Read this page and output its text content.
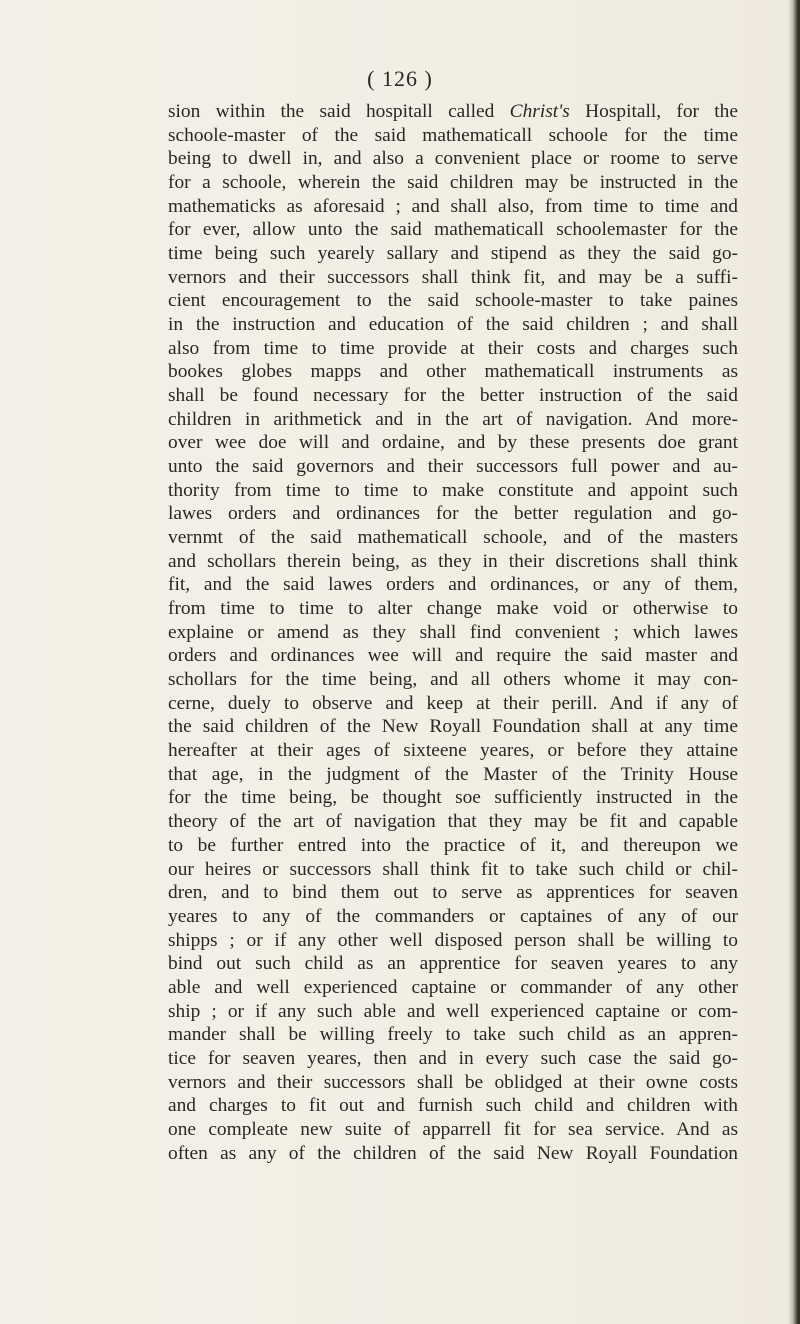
( 126 )
sion within the said hospitall called Christ's Hospitall, for the
schoole-master of the said mathematicall schoole for the time
being to dwell in, and also a convenient place or roome to serve
for a schoole, wherein the said children may be instructed in the
mathematicks as aforesaid ; and shall also, from time to time and
for ever, allow unto the said mathematicall schoolemaster for the
time being such yearely sallary and stipend as they the said go-
vernors and their successors shall think fit, and may be a suffi-
cient encouragement to the said schoole-master to take paines
in the instruction and education of the said children ; and shall
also from time to time provide at their costs and charges such
bookes globes mapps and other mathematicall instruments as
shall be found necessary for the better instruction of the said
children in arithmetick and in the art of navigation. And more-
over wee doe will and ordaine, and by these presents doe grant
unto the said governors and their successors full power and au-
thority from time to time to make constitute and appoint such
lawes orders and ordinances for the better regulation and go-
vernmt of the said mathematicall schoole, and of the masters
and schollars therein being, as they in their discretions shall think
fit, and the said lawes orders and ordinances, or any of them,
from time to time to alter change make void or otherwise to
explaine or amend as they shall find convenient ; which lawes
orders and ordinances wee will and require the said master and
schollars for the time being, and all others whome it may con-
cerne, duely to observe and keep at their perill. And if any of
the said children of the New Royall Foundation shall at any time
hereafter at their ages of sixteene yeares, or before they attaine
that age, in the judgment of the Master of the Trinity House
for the time being, be thought soe sufficiently instructed in the
theory of the art of navigation that they may be fit and capable
to be further entred into the practice of it, and thereupon we
our heires or successors shall think fit to take such child or chil-
dren, and to bind them out to serve as apprentices for seaven
yeares to any of the commanders or captaines of any of our
shipps ; or if any other well disposed person shall be willing to
bind out such child as an apprentice for seaven yeares to any
able and well experienced captaine or commander of any other
ship ; or if any such able and well experienced captaine or com-
mander shall be willing freely to take such child as an appren-
tice for seaven yeares, then and in every such case the said go-
vernors and their successors shall be oblidged at their owne costs
and charges to fit out and furnish such child and children with
one compleate new suite of apparrell fit for sea service. And as
often as any of the children of the said New Royall Foundation
